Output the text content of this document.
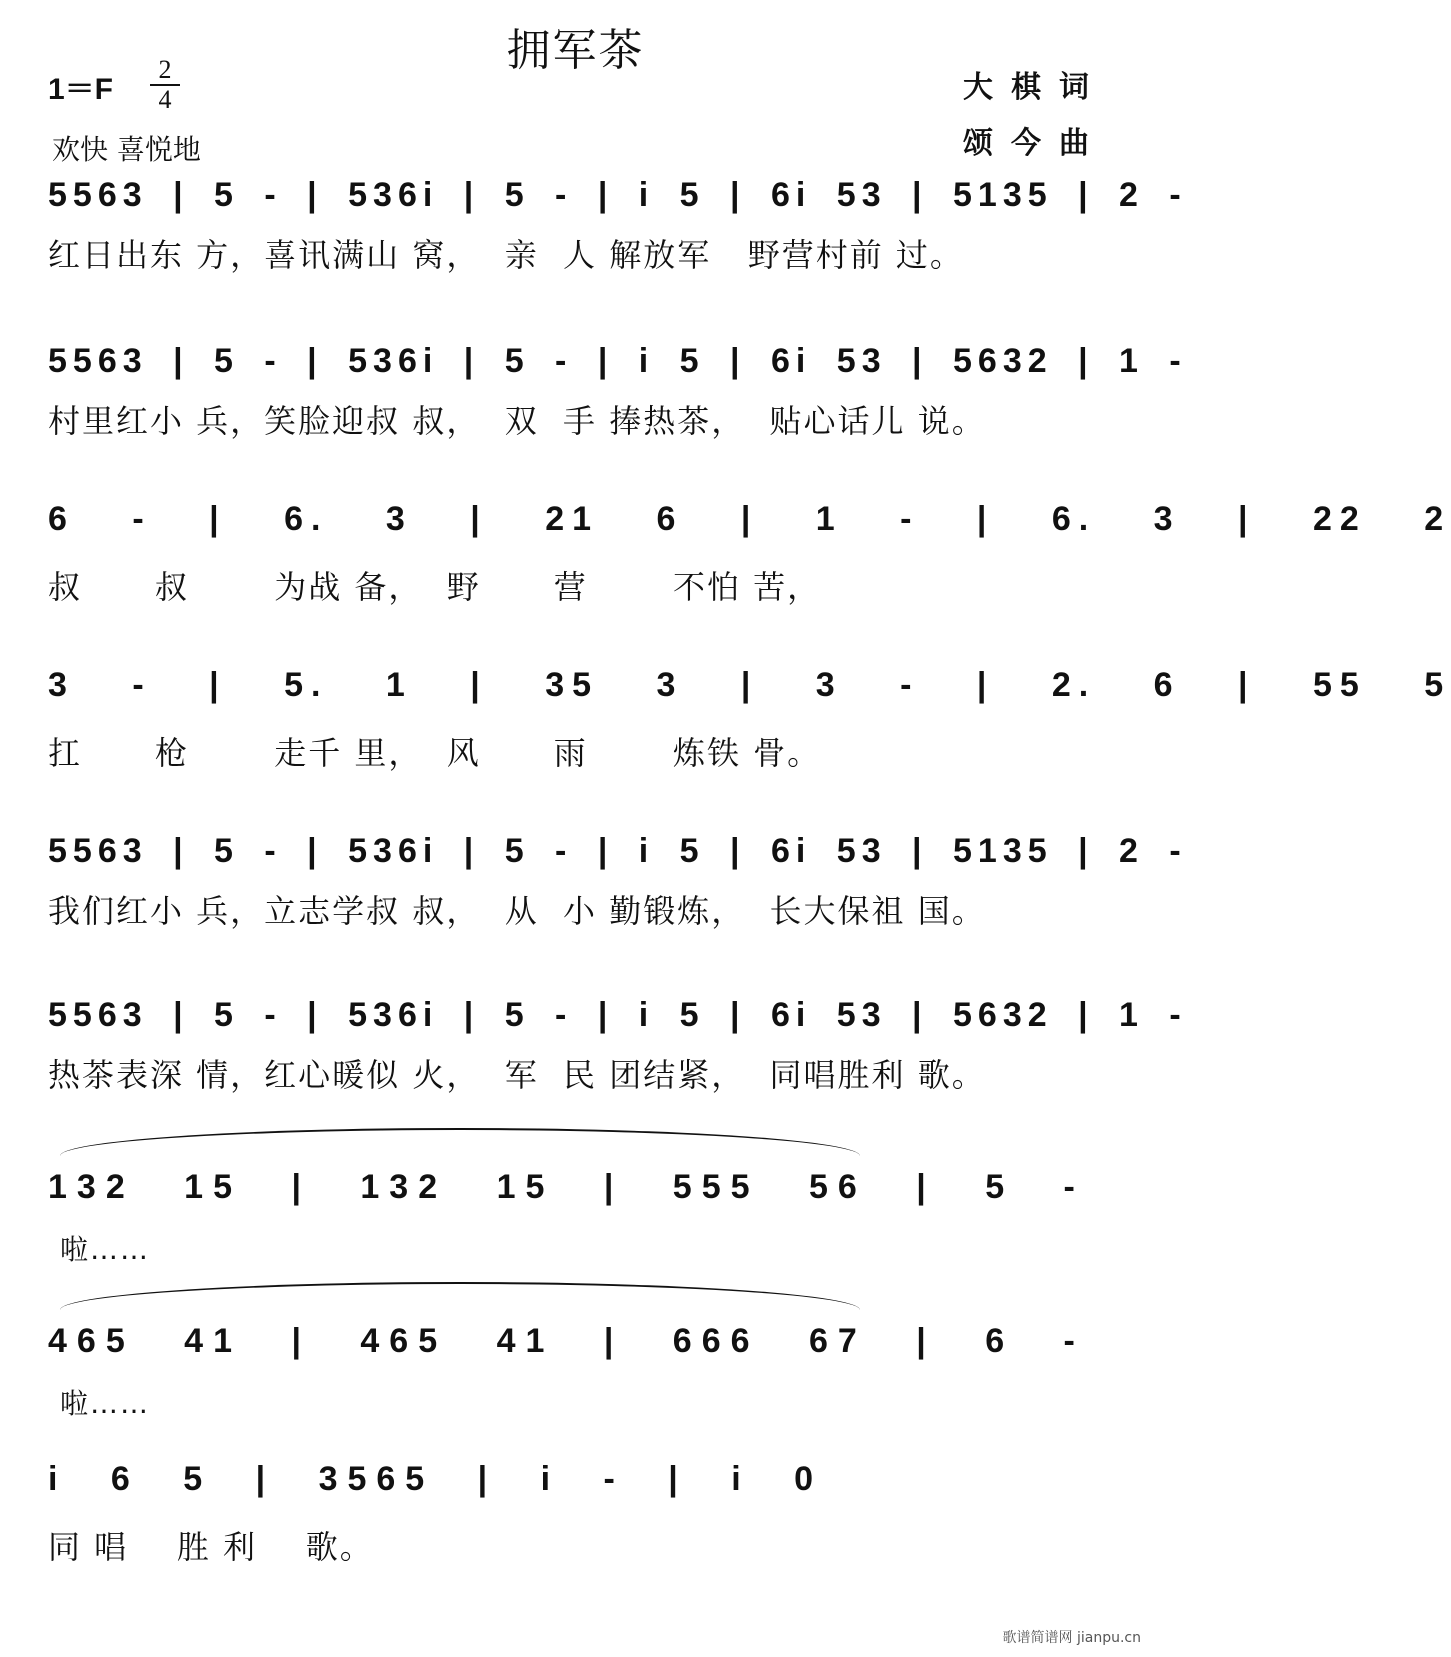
拥军茶
1＝F
2
4
欢快 喜悦地
大棋词
颂今曲
5563 | 5 - | 536i | 5 - | i 5 | 6i 53 | 5135 | 2 -
红日出东 方，喜讯满山 窝，  亲  人 解放军   野营村前 过。
5563 | 5 - | 536i | 5 - | i 5 | 6i 53 | 5632 | 1 -
村里红小 兵，笑脸迎叔 叔，  双  手 捧热茶，  贴心话儿 说。
6 - | 6. 3 | 21 6 | 1 - | 6. 3 | 22 2
叔      叔       为战 备，  野      营       不怕 苦，
3 - | 5. 1 | 35 3 | 3 - | 2. 6 | 55 5
扛      枪       走千 里，  风      雨       炼铁 骨。
5563 | 5 - | 536i | 5 - | i 5 | 6i 53 | 5135 | 2 -
我们红小 兵，立志学叔 叔，  从  小 勤锻炼，  长大保祖 国。
5563 | 5 - | 536i | 5 - | i 5 | 6i 53 | 5632 | 1 -
热茶表深 情，红心暖似 火，  军  民 团结紧，  同唱胜利 歌。
132 15 | 132 15 | 555 56 | 5 -
啦……
465 41 | 465 41 | 666 67 | 6 -
啦……
i 6 5 | 3565 | i - | i 0
同 唱    胜 利    歌。
歌谱简谱网 jianpu.cn
